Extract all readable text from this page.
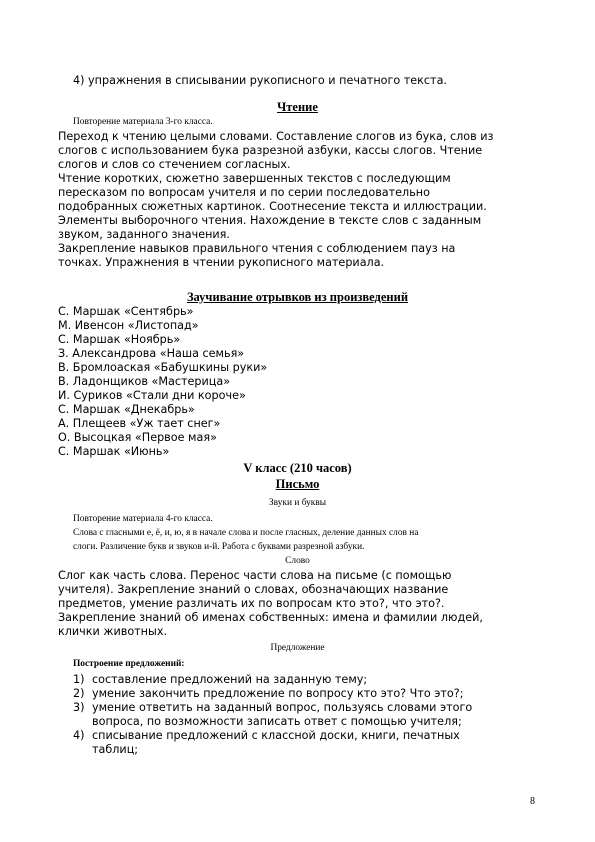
4) упражнения в списывании рукописного и печатного текста.
Чтение
Повторение материала 3-го класса.
Переход к чтению целыми словами. Составление слогов из бука, слов из
слогов с использованием бука разрезной азбуки, кассы слогов. Чтение
слогов и слов со стечением согласных.
Чтение коротких, сюжетно завершенных текстов с последующим
пересказом по вопросам учителя и по серии последовательно
подобранных сюжетных картинок. Соотнесение текста и иллюстрации.
Элементы выборочного чтения. Нахождение в тексте слов с заданным
звуком, заданного значения.
Закрепление навыков правильного чтения с соблюдением пауз на
точках. Упражнения в чтении рукописного материала.
Заучивание отрывков из произведений
С. Маршак «Сентябрь»
М. Ивенсон «Листопад»
С. Маршак «Ноябрь»
З. Александрова «Наша семья»
В. Бромлоаская «Бабушкины руки»
В. Ладонщиков «Мастерица»
И. Суриков «Стали дни короче»
С. Маршак «Днекабрь»
А. Плещеев «Уж тает снег»
О. Высоцкая «Первое мая»
С. Маршак «Июнь»
V класс (210 часов)
Письмо
Звуки и буквы
Повторение материала 4-го класса.
Слова с гласными е, ё, и, ю, я в начале слова и после гласных, деление данных слов на
слоги. Различение букв и звуков и-й. Работа с буквами разрезной азбуки.
Слово
Слог как часть слова. Перенос части слова на письме (с помощью
учителя). Закрепление знаний о словах, обозначающих название
предметов, умение различать их по вопросам кто это?, что это?.
Закрепление знаний об именах собственных: имена и фамилии людей,
клички животных.
Предложение
Построение предложений:
1) составление предложений на заданную тему;
2) умение закончить предложение по вопросу кто это? Что это?;
3) умение ответить на заданный вопрос, пользуясь словами этого
вопроса, по возможности записать ответ с помощью учителя;
4) списывание предложений с классной доски, книги, печатных
таблиц;
8
